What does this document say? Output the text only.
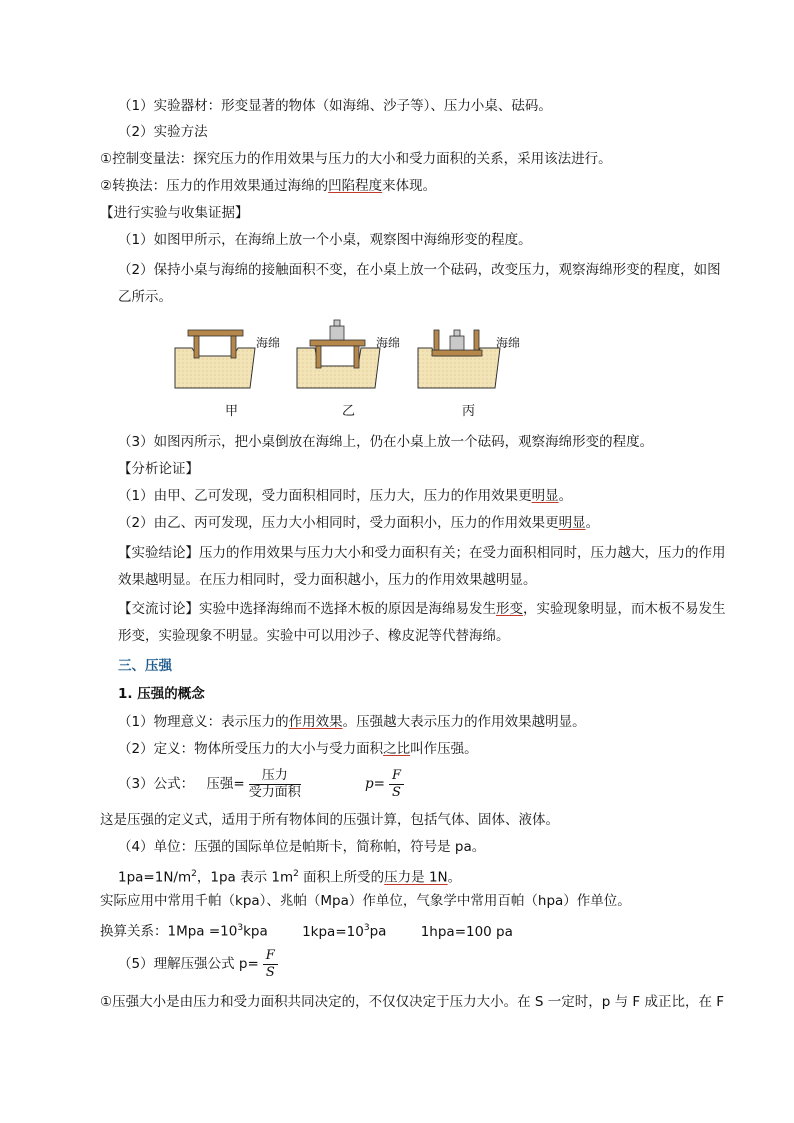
（1）实验器材：形变显著的物体（如海绵、沙子等）、压力小桌、砝码。
（2）实验方法
①控制变量法：探究压力的作用效果与压力的大小和受力面积的关系，采用该法进行。
②转换法：压力的作用效果通过海绵的凹陷程度来体现。
【进行实验与收集证据】
（1）如图甲所示，在海绵上放一个小桌，观察图中海绵形变的程度。
（2）保持小桌与海绵的接触面积不变，在小桌上放一个砝码，改变压力，观察海绵形变的程度，如图乙所示。
海绵	海绵	海绵
甲	乙	丙
（3）如图丙所示，把小桌倒放在海绵上，仍在小桌上放一个砝码，观察海绵形变的程度。
【分析论证】
（1）由甲、乙可发现，受力面积相同时，压力大，压力的作用效果更明显。
（2）由乙、丙可发现，压力大小相同时，受力面积小，压力的作用效果更明显。
【实验结论】压力的作用效果与压力大小和受力面积有关；在受力面积相同时，压力越大，压力的作用效果越明显。在压力相同时，受力面积越小，压力的作用效果越明显。
【交流讨论】实验中选择海绵而不选择木板的原因是海绵易发生形变，实验现象明显，而木板不易发生形变，实验现象不明显。实验中可以用沙子、橡皮泥等代替海绵。
三、压强
1. 压强的概念
（1）物理意义：表示压力的作用效果。压强越大表示压力的作用效果越明显。
（2）定义：物体所受压力的大小与受力面积之比叫作压强。
（3）公式： 压强= $\frac{\text{压力}}{\text{受力面积}}$	$p= \frac{F}{S}$
这是压强的定义式，适用于所有物体间的压强计算，包括气体、固体、液体。
（4）单位：压强的国际单位是帕斯卡，简称帕，符号是 pa。
$1pa=1N/m^2$，1pa 表示 $1m^2$ 面积上所受的压力是 1N。
实际应用中常用千帕（kpa）、兆帕（Mpa）作单位，气象学中常用百帕（hpa）作单位。
换算关系：$1Mpa =10^3kpa$	$1kpa=10^3pa$	1hpa=100 pa
（5）理解压强公式 $p= \frac{F}{S}$
①压强大小是由压力和受力面积共同决定的，不仅仅决定于压力大小。在 S 一定时，p 与 F 成正比，在 F
